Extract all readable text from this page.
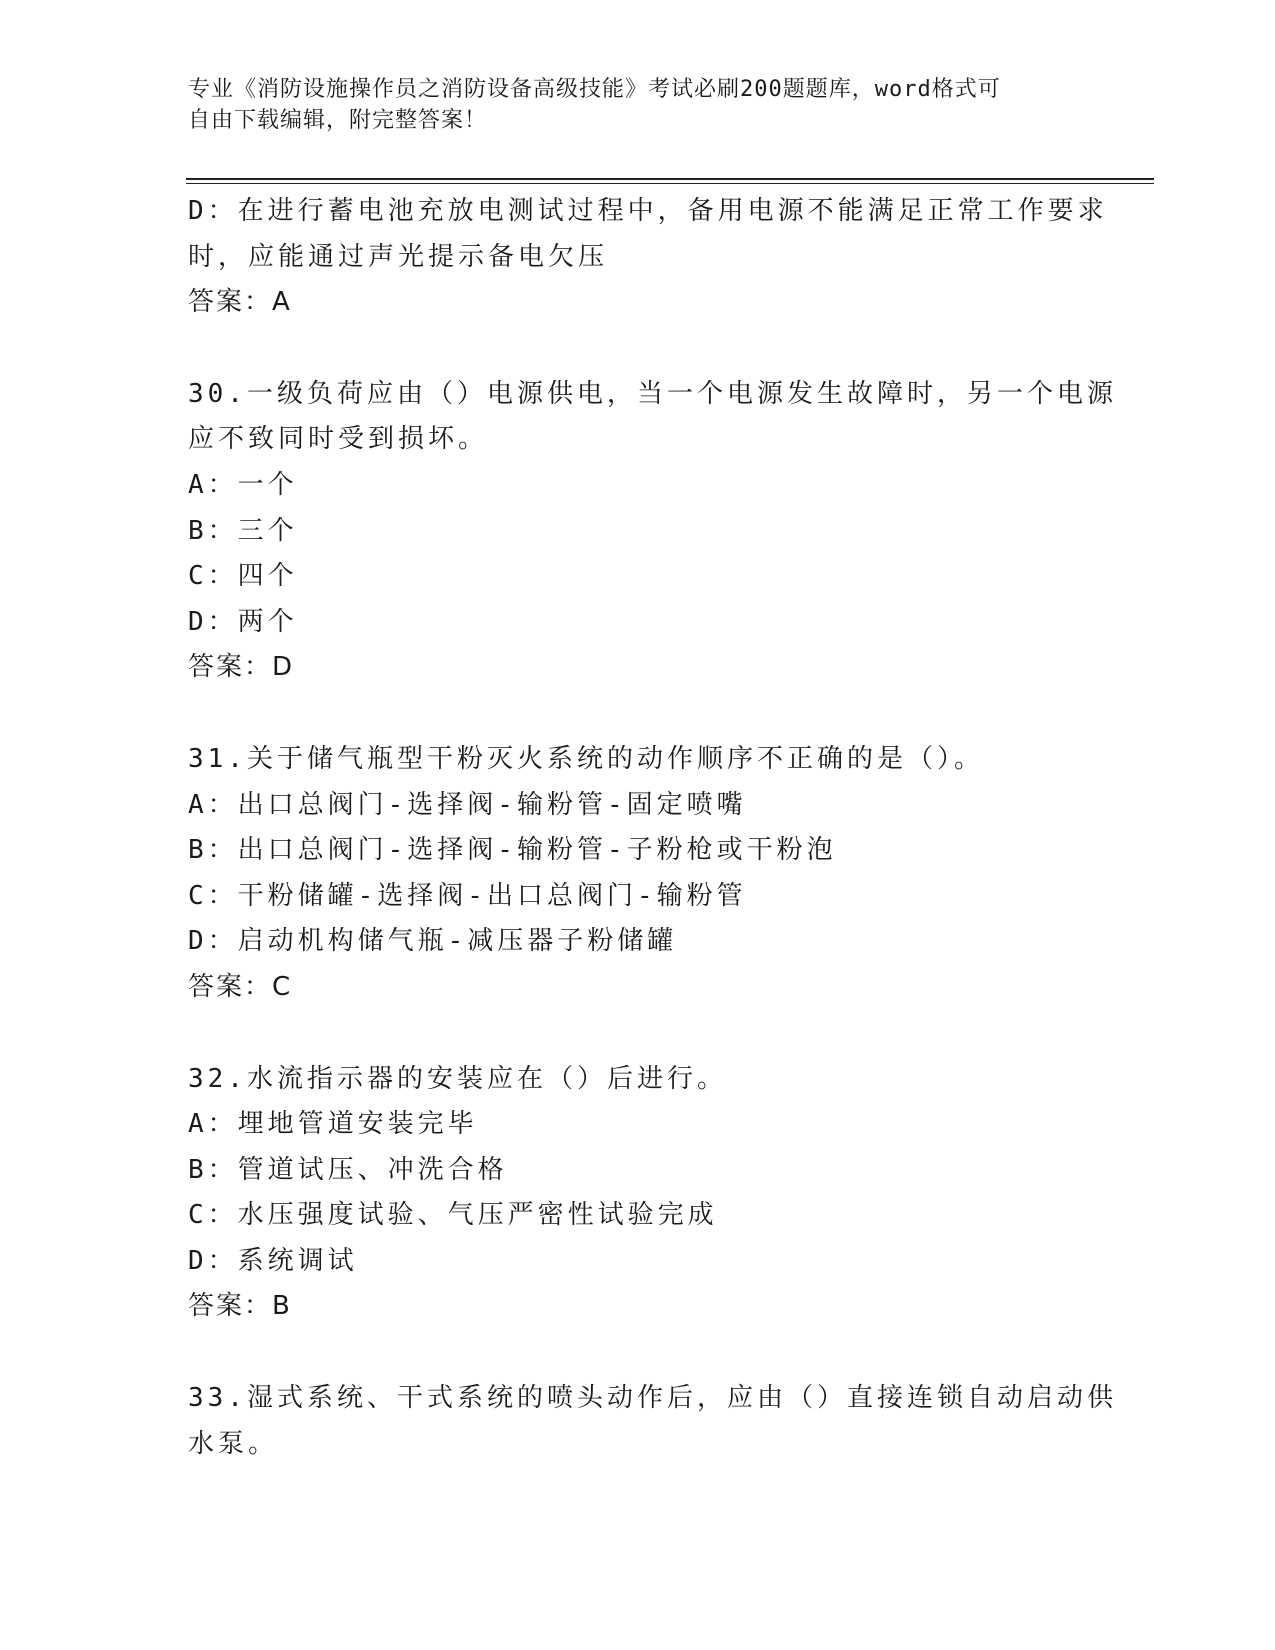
专业《消防设施操作员之消防设备高级技能》考试必刷200题题库，word格式可
自由下载编辑，附完整答案！
D：在进行蓄电池充放电测试过程中，备用电源不能满足正常工作要求
时，应能通过声光提示备电欠压
答案：A
30.一级负荷应由（）电源供电，当一个电源发生故障时，另一个电源
应不致同时受到损坏。
A：一个
B：三个
C：四个
D：两个
答案：D
31.关于储气瓶型干粉灭火系统的动作顺序不正确的是（）。
A：出口总阀门-选择阀-输粉管-固定喷嘴
B：出口总阀门-选择阀-输粉管-子粉枪或干粉泡
C：干粉储罐-选择阀-出口总阀门-输粉管
D：启动机构储气瓶-减压器子粉储罐
答案：C
32.水流指示器的安装应在（）后进行。
A：埋地管道安装完毕
B：管道试压、冲洗合格
C：水压强度试验、气压严密性试验完成
D：系统调试
答案：B
33.湿式系统、干式系统的喷头动作后，应由（）直接连锁自动启动供
水泵。
